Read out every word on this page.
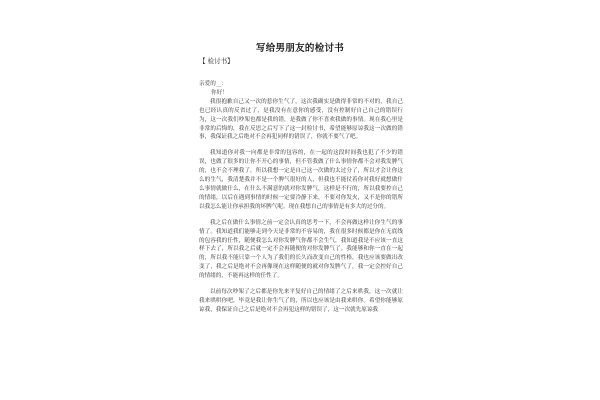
写给男朋友的检讨书
【 检讨书】

亲爱的__：

你好！

我很抱歉自己又一次的惹你生气了，这次我确实是做得非常的不对的，我自己也已经认真的反省过了，是我没有在意你的感受，没有控制好自己自己的错误行为，这一次我们吵架也都是我的错，是我做了你不喜欢我做的事情。现在我心里是非常的后悔的，我在反思之后写下了这一封检讨书，希望能够原谅我这一次做的错事，我保证我之后绝对不会再犯同样的错误了，你就不要气了吧。

我知道你对我一向都是非常的包容的，在一起的这段时间我也犯了不少的错误，也做了很多的让你不开心的事情，但不管我做了什么事情你都不会对我发脾气的，也不会不理我了。所以我想一定是自己这一次做的太过分了，所以才会让你这么的生气，我清楚我并不是一个脾气很好的人，但我也不能仗着你对我好就想做什么事情就做什么，在什么不满意的就对你发脾气，这样是不行的，所以我要控自己的情绪，以后在遇到事情的时候一定要冷静下来，不要对你发火，又不是你的错所以我怎么能让你承担我的坏脾气呢。现在我想自己的事情是有多大的过分的。

我之后在做什么事情之前一定会认真的思考一下，不会再做这样让你生气的事情了。我知道我们能够走到今天是非常的不容易的，我在很多时候都是你在无底线的包容我的任性，随便我怎么对你发脾气你都不会生气，我知道我是不应该一直这样下去了，所以我之后就一定不会再随便的对你发脾气了。我能够和你一直在一起的，所以我不能只靠一个人为了我们的长久而改变自己的性格，我也应该要做出改变了，我之后是绝对不会再像现在这样随便的就对你发脾气了，我一定会控好自己的情绪的，不能再这样的任性了。

以前每次吵架了之后都是你先来平复好自己的情绪了之后来哄我，这一次就让我来哄哄你吧，毕竟是我让你生气了的，所以也应该是由我来哄你。希望你能够原谅我，我保证自己之后是绝对不会再犯这样的错误了，这一次就先原谅我
